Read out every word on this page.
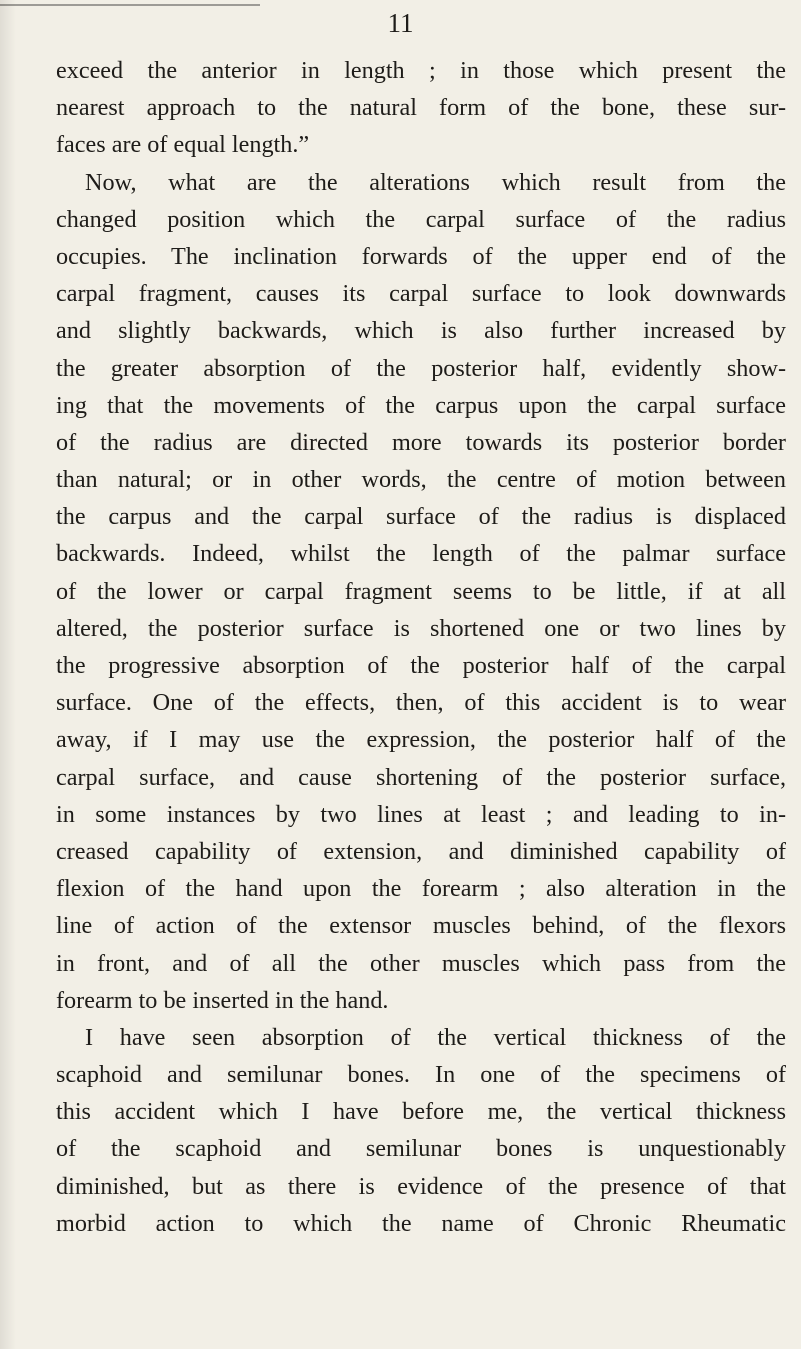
11
exceed the anterior in length ; in those which present the
nearest approach to the natural form of the bone, these sur-
faces are of equal length.”
Now, what are the alterations which result from the
changed position which the carpal surface of the radius
occupies. The inclination forwards of the upper end of the
carpal fragment, causes its carpal surface to look downwards
and slightly backwards, which is also further increased by
the greater absorption of the posterior half, evidently show-
ing that the movements of the carpus upon the carpal surface
of the radius are directed more towards its posterior border
than natural; or in other words, the centre of motion between
the carpus and the carpal surface of the radius is displaced
backwards. Indeed, whilst the length of the palmar surface
of the lower or carpal fragment seems to be little, if at all
altered, the posterior surface is shortened one or two lines by
the progressive absorption of the posterior half of the carpal
surface. One of the effects, then, of this accident is to wear
away, if I may use the expression, the posterior half of the
carpal surface, and cause shortening of the posterior surface,
in some instances by two lines at least ; and leading to in-
creased capability of extension, and diminished capability of
flexion of the hand upon the forearm ; also alteration in the
line of action of the extensor muscles behind, of the flexors
in front, and of all the other muscles which pass from the
forearm to be inserted in the hand.
I have seen absorption of the vertical thickness of the
scaphoid and semilunar bones. In one of the specimens of
this accident which I have before me, the vertical thickness
of the scaphoid and semilunar bones is unquestionably
diminished, but as there is evidence of the presence of that
morbid action to which the name of Chronic Rheumatic
